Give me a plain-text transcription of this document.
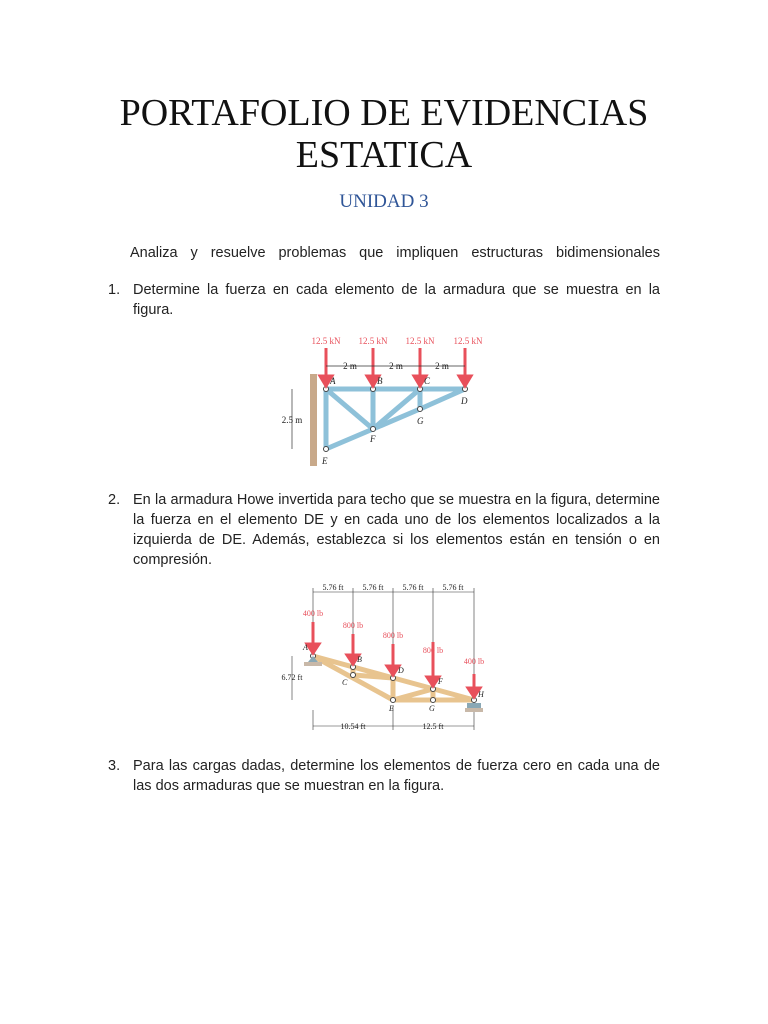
PORTAFOLIO DE EVIDENCIAS
ESTATICA
UNIDAD 3

Analiza y resuelve problemas que impliquen estructuras bidimensionales

1. Determine la fuerza en cada elemento de la armadura que se muestra en la figura.
12.5 kN 12.5 kN 12.5 kN 12.5 kN
2 m	2 m	2 m
2.5 m
A	B	C
D
E
F
G
2. En la armadura Howe invertida para techo que se muestra en la figura, determine la fuerza en el elemento DE y en cada uno de los elementos localizados a la izquierda de DE. Además, establezca si los elementos están en tensión o en compresión.
5.76 ft 5.76 ft 5.76 ft 5.76 ft
400 lb
800 lb
800 lb
800 lb
400 lb
6.72 ft
10.54 ft	12.5 ft
A
B
C
D
E
F
G
H
3. Para las cargas dadas, determine los elementos de fuerza cero en cada una de las dos armaduras que se muestran en la figura.
